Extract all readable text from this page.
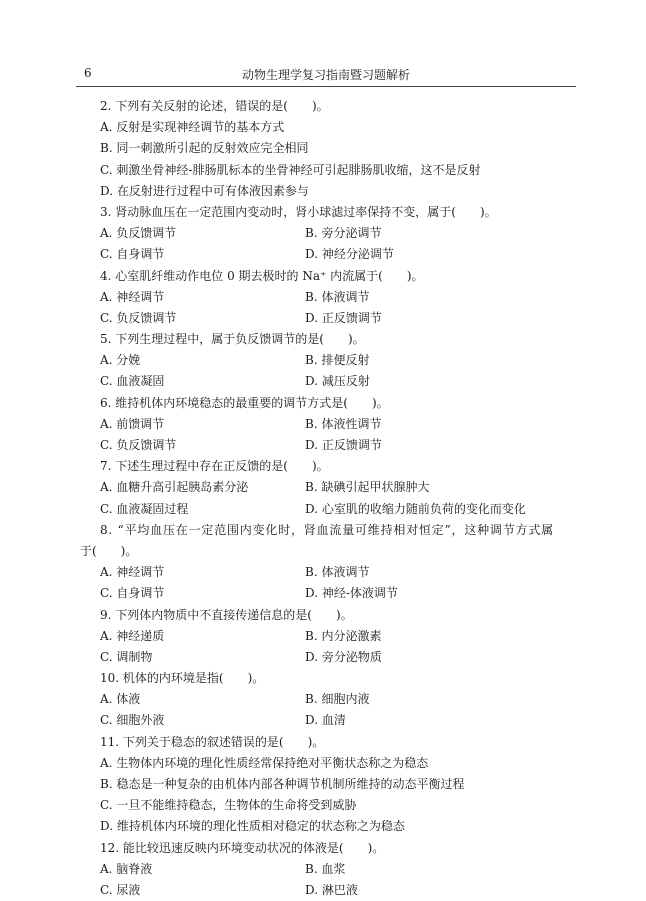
6	动物生理学复习指南暨习题解析
2. 下列有关反射的论述，错误的是(　　)。
A. 反射是实现神经调节的基本方式
B. 同一刺激所引起的反射效应完全相同
C. 刺激坐骨神经-腓肠肌标本的坐骨神经可引起腓肠肌收缩，这不是反射
D. 在反射进行过程中可有体液因素参与
3. 肾动脉血压在一定范围内变动时，肾小球滤过率保持不变，属于(　　)。
A. 负反馈调节	B. 旁分泌调节
C. 自身调节	D. 神经分泌调节
4. 心室肌纤维动作电位 0 期去极时的 Na⁺ 内流属于(　　)。
A. 神经调节	B. 体液调节
C. 负反馈调节	D. 正反馈调节
5. 下列生理过程中，属于负反馈调节的是(　　)。
A. 分娩	B. 排便反射
C. 血液凝固	D. 减压反射
6. 维持机体内环境稳态的最重要的调节方式是(　　)。
A. 前馈调节	B. 体液性调节
C. 负反馈调节	D. 正反馈调节
7. 下述生理过程中存在正反馈的是(　　)。
A. 血糖升高引起胰岛素分泌	B. 缺碘引起甲状腺肿大
C. 血液凝固过程	D. 心室肌的收缩力随前负荷的变化而变化
8. “平均血压在一定范围内变化时，肾血流量可维持相对恒定”，这种调节方式属
于(　　)。
A. 神经调节	B. 体液调节
C. 自身调节	D. 神经-体液调节
9. 下列体内物质中不直接传递信息的是(　　)。
A. 神经递质	B. 内分泌激素
C. 调制物	D. 旁分泌物质
10. 机体的内环境是指(　　)。
A. 体液	B. 细胞内液
C. 细胞外液	D. 血清
11. 下列关于稳态的叙述错误的是(　　)。
A. 生物体内环境的理化性质经常保持绝对平衡状态称之为稳态
B. 稳态是一种复杂的由机体内部各种调节机制所维持的动态平衡过程
C. 一旦不能维持稳态，生物体的生命将受到威胁
D. 维持机体内环境的理化性质相对稳定的状态称之为稳态
12. 能比较迅速反映内环境变动状况的体液是(　　)。
A. 脑脊液	B. 血浆
C. 尿液	D. 淋巴液
